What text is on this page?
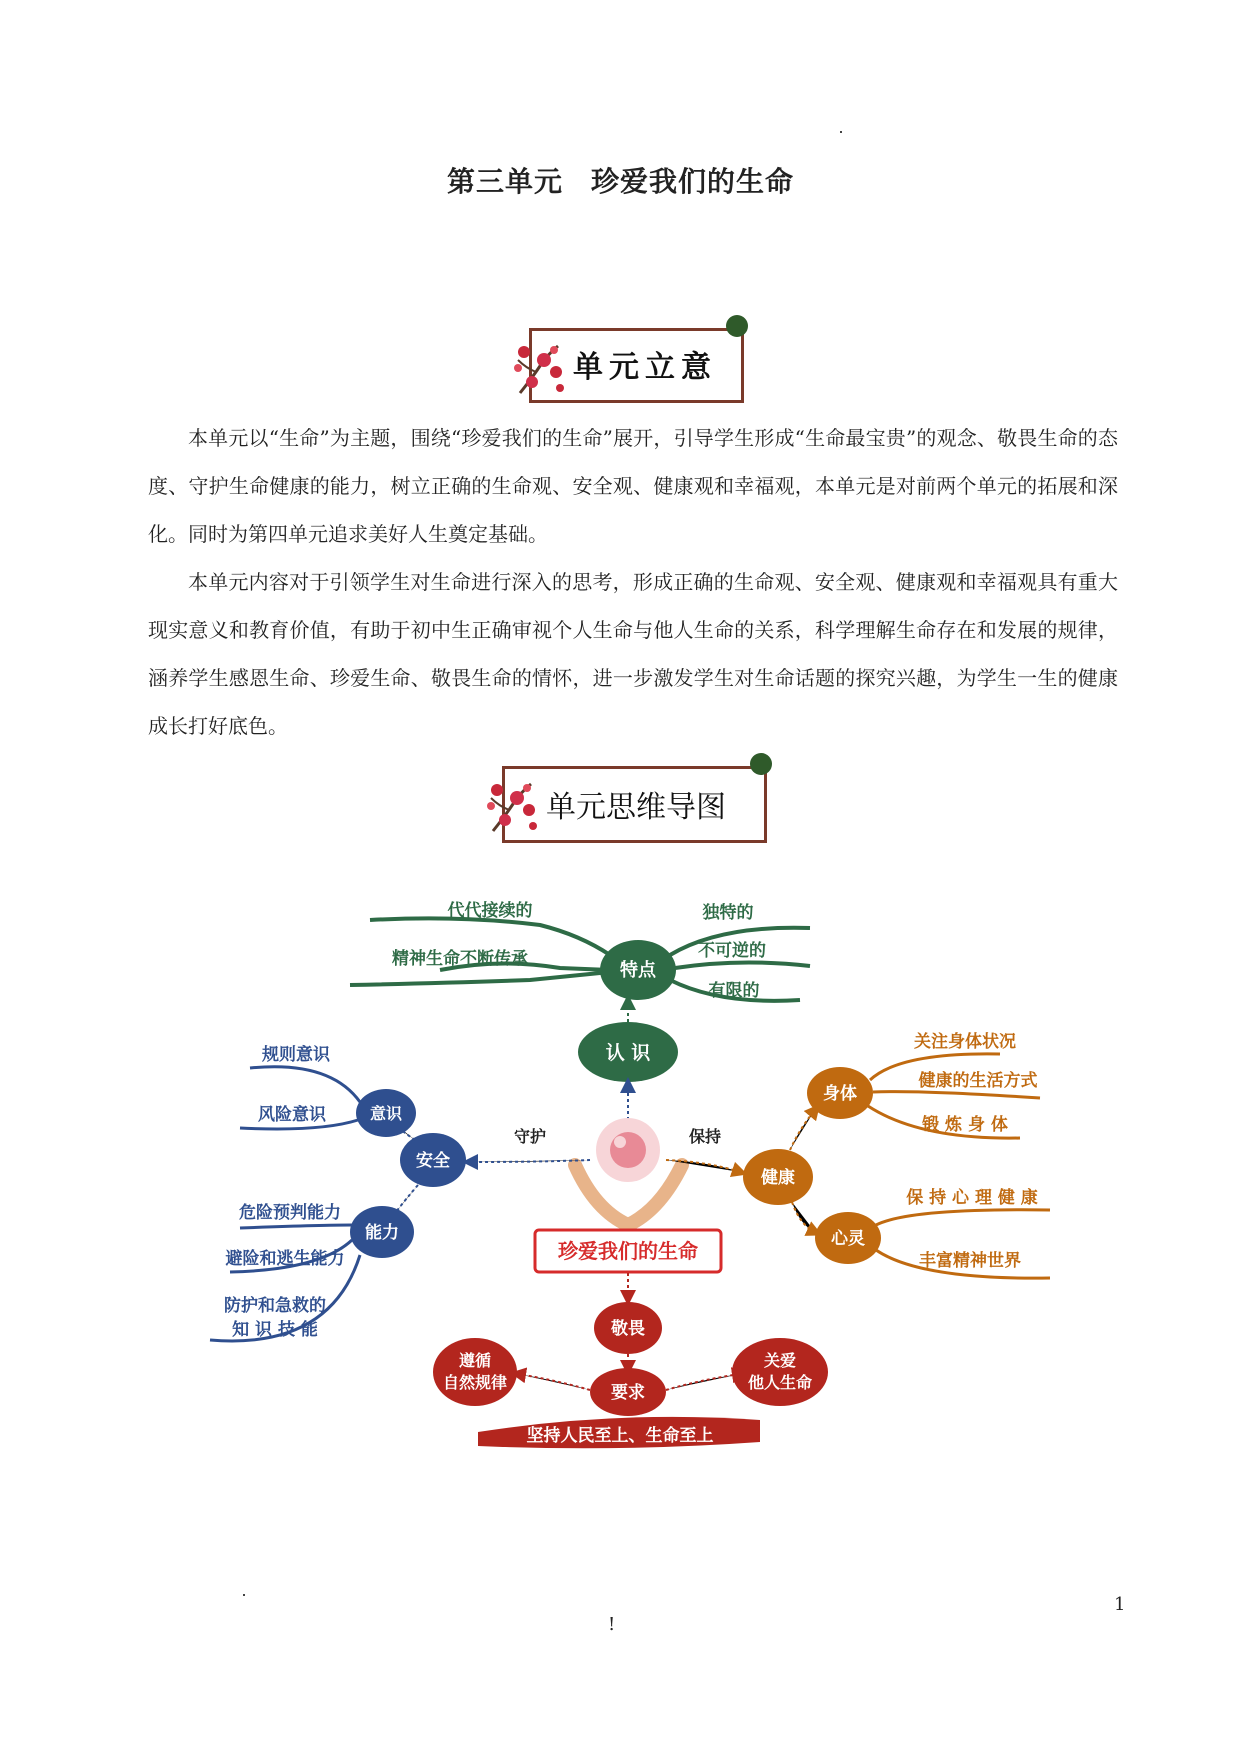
第三单元 珍爱我们的生命
单元立意

本单元以“生命”为主题，围绕“珍爱我们的生命”展开，引导学生形成“生命最宝贵”的观念、敬畏生命的态度、守护生命健康的能力，树立正确的生命观、安全观、健康观和幸福观，本单元是对前两个单元的拓展和深化。同时为第四单元追求美好人生奠定基础。

本单元内容对于引领学生对生命进行深入的思考，形成正确的生命观、安全观、健康观和幸福观具有重大现实意义和教育价值，有助于初中生正确审视个人生命与他人生命的关系，科学理解生命存在和发展的规律，涵养学生感恩生命、珍爱生命、敬畏生命的情怀，进一步激发学生对生命话题的探究兴趣，为学生一生的健康成长打好底色。

单元思维导图
特点
认 识
代代接续的
精神生命不断传承
独特的
不可逆的
有限的
珍爱我们的生命
守护
安全
意识
规则意识
风险意识
能力
危险预判能力
避险和逃生能力
防护和急救的
知 识 技 能
保持
健康
身体
关注身体状况
健康的生活方式
锻 炼 身 体
心灵
保 持 心 理 健 康
丰富精神世界
敬畏
要求
遵循
自然规律
关爱
他人生命
坚持人民至上、生命至上
1
!
